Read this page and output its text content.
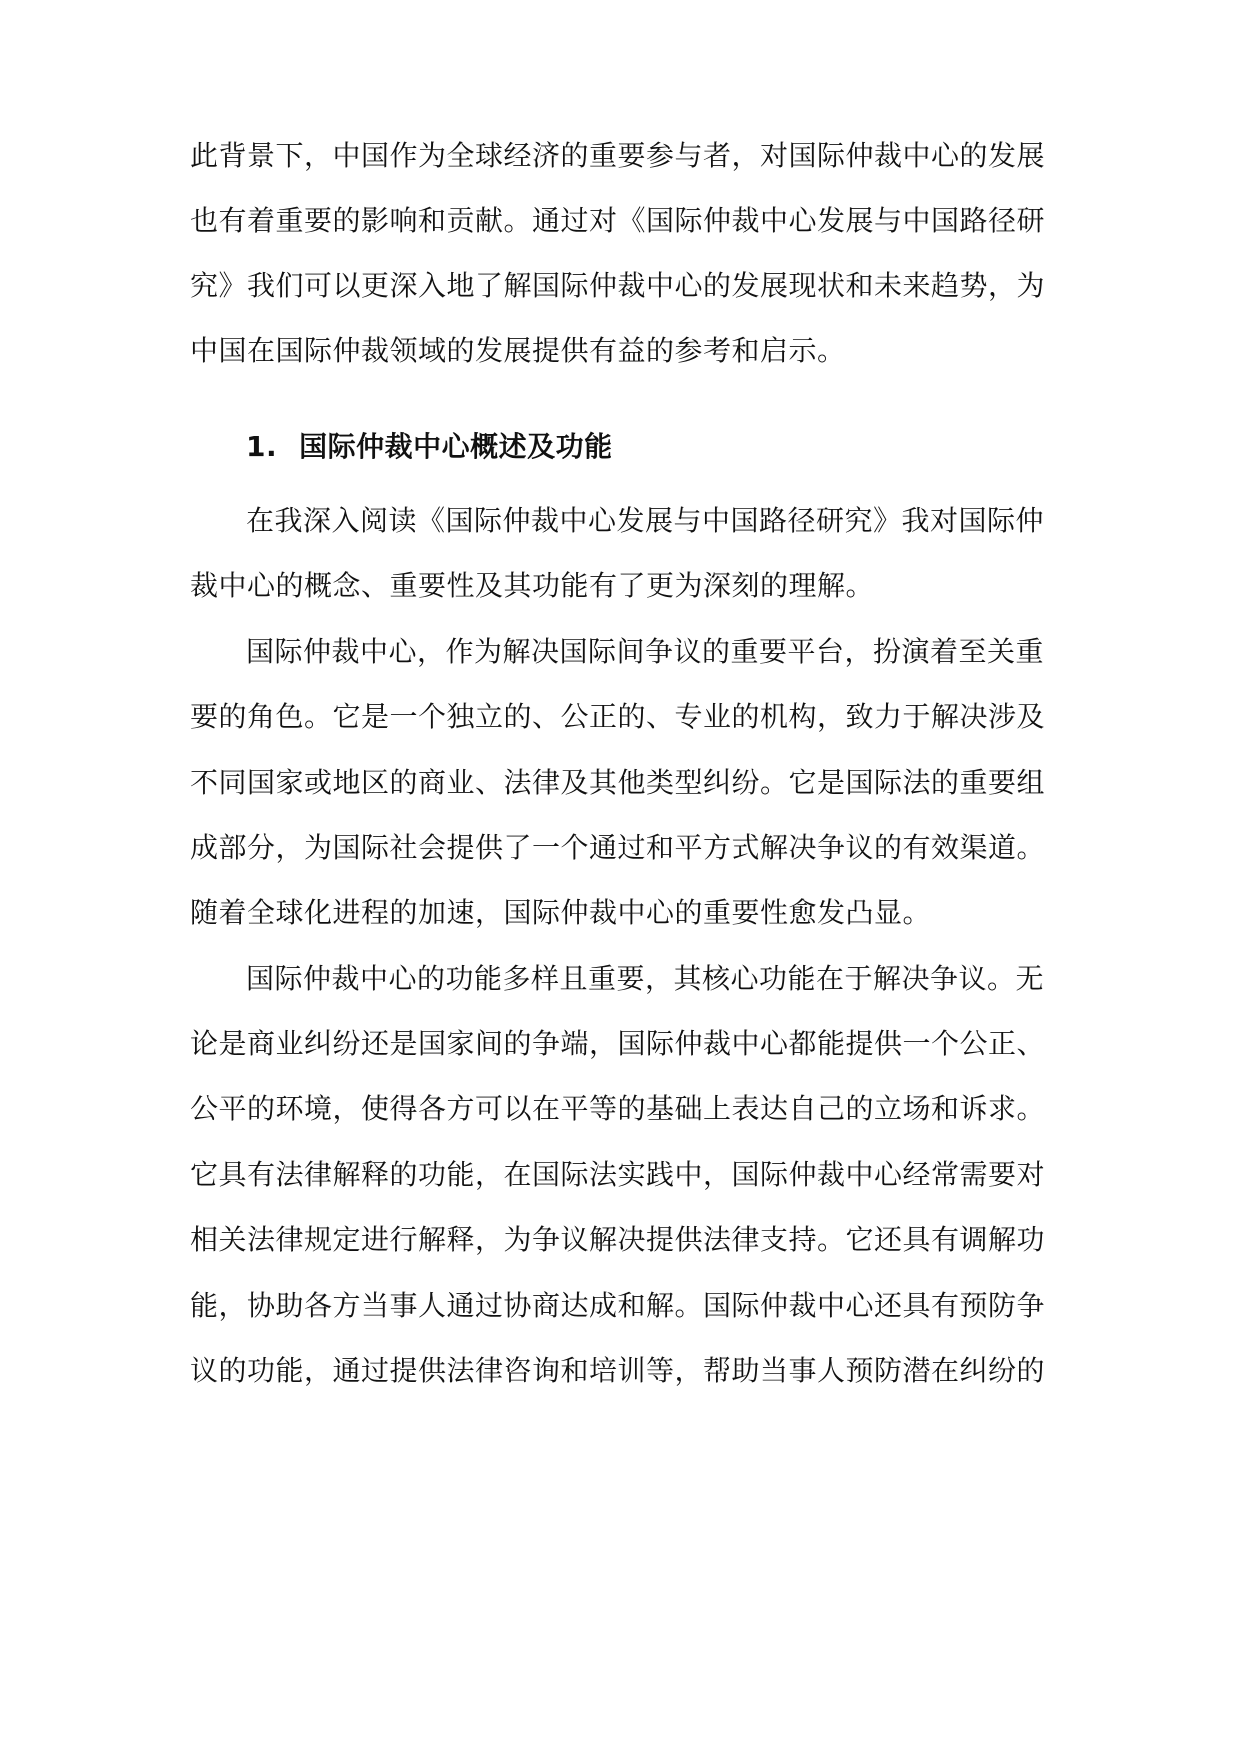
此背景下，中国作为全球经济的重要参与者，对国际仲裁中心的发展
也有着重要的影响和贡献。通过对《国际仲裁中心发展与中国路径研
究》我们可以更深入地了解国际仲裁中心的发展现状和未来趋势，为
中国在国际仲裁领域的发展提供有益的参考和启示。
1. 国际仲裁中心概述及功能
在我深入阅读《国际仲裁中心发展与中国路径研究》我对国际仲
裁中心的概念、重要性及其功能有了更为深刻的理解。
国际仲裁中心，作为解决国际间争议的重要平台，扮演着至关重
要的角色。它是一个独立的、公正的、专业的机构，致力于解决涉及
不同国家或地区的商业、法律及其他类型纠纷。它是国际法的重要组
成部分，为国际社会提供了一个通过和平方式解决争议的有效渠道。
随着全球化进程的加速，国际仲裁中心的重要性愈发凸显。
国际仲裁中心的功能多样且重要，其核心功能在于解决争议。无
论是商业纠纷还是国家间的争端，国际仲裁中心都能提供一个公正、
公平的环境，使得各方可以在平等的基础上表达自己的立场和诉求。
它具有法律解释的功能，在国际法实践中，国际仲裁中心经常需要对
相关法律规定进行解释，为争议解决提供法律支持。它还具有调解功
能，协助各方当事人通过协商达成和解。国际仲裁中心还具有预防争
议的功能，通过提供法律咨询和培训等，帮助当事人预防潜在纠纷的
